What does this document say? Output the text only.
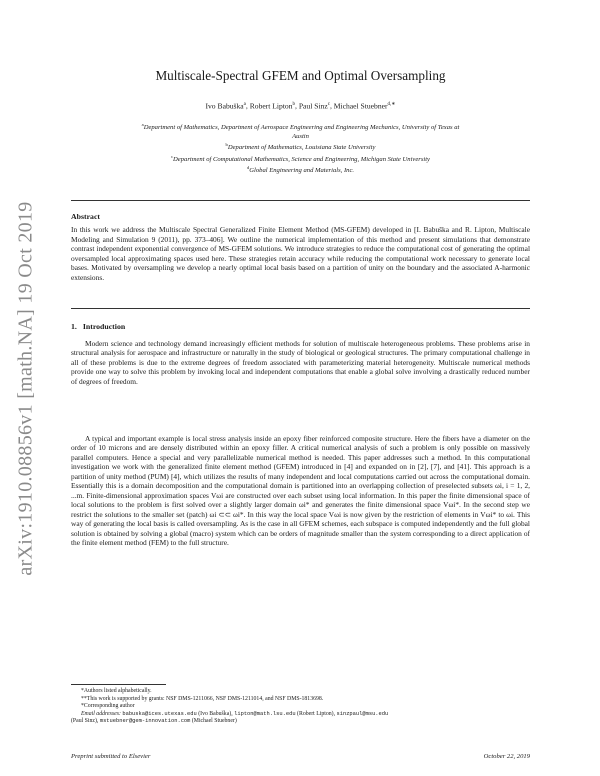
arXiv:1910.08856v1 [math.NA] 19 Oct 2019
Multiscale-Spectral GFEM and Optimal Oversampling
Ivo Babuška$^a$, Robert Lipton$^b$, Paul Sinz$^c$, Michael Stuebner$^{d,∗}$
$^a$Department of Mathematics, Department of Aerospace Engineering and Engineering Mechanics, University of Texas at
Austin
$^b$Department of Mathematics, Louisiana State University
$^c$Department of Computational Mathematics, Science and Engineering, Michigan State University
$^d$Global Engineering and Materials, Inc.
Abstract
In this work we address the Multiscale Spectral Generalized Finite Element Method (MS-GFEM) developed in [I. Babuška and R. Lipton, Multiscale Modeling and Simulation 9 (2011), pp. 373–406]. We outline the numerical implementation of this method and present simulations that demonstrate contrast independent exponential convergence of MS-GFEM solutions. We introduce strategies to reduce the computational cost of generating the optimal oversampled local approximating spaces used here. These strategies retain accuracy while reducing the computational work necessary to generate local bases. Motivated by oversampling we develop a nearly optimal local basis based on a partition of unity on the boundary and the associated A-harmonic extensions.
1. Introduction
Modern science and technology demand increasingly efficient methods for solution of multiscale heterogeneous problems. These problems arise in structural analysis for aerospace and infrastructure or naturally in the study of biological or geological structures. The primary computational challenge in all of these problems is due to the extreme degrees of freedom associated with parameterizing material heterogeneity. Multiscale numerical methods provide one way to solve this problem by invoking local and independent computations that enable a global solve involving a drastically reduced number of degrees of freedom.
A typical and important example is local stress analysis inside an epoxy fiber reinforced composite structure. Here the fibers have a diameter on the order of 10 microns and are densely distributed within an epoxy filler. A critical numerical analysis of such a problem is only possible on massively parallel computers. Hence a special and very parallelizable numerical method is needed. This paper addresses such a method. In this computational investigation we work with the generalized finite element method (GFEM) introduced in [4] and expanded on in [2], [7], and [41]. This approach is a partition of unity method (PUM) [4], which utilizes the results of many independent and local computations carried out across the computational domain. Essentially this is a domain decomposition and the computational domain is partitioned into an overlapping collection of preselected subsets ωi, i = 1, 2, ...m. Finite-dimensional approximation spaces Vωi are constructed over each subset using local information. In this paper the finite dimensional space of local solutions to the problem is first solved over a slightly larger domain ωi* and generates the finite dimensional space Vωi*. In the second step we restrict the solutions to the smaller set (patch) ωi ⊂⊂ ωi*. In this way the local space Vωi is now given by the restriction of elements in Vωi* to ωi. This way of generating the local basis is called oversampling. As is the case in all GFEM schemes, each subspace is computed independently and the full global solution is obtained by solving a global (macro) system which can be orders of magnitude smaller than the system corresponding to a direct application of the finite element method (FEM) to the full structure.
*Authors listed alphabetically.
**This work is supported by grants: NSF DMS-1211066, NSF DMS-1211014, and NSF DMS-1813698.
*Corresponding author
Email addresses: babuska@ices.utexas.edu (Ivo Babuška), lipton@math.lsu.edu (Robert Lipton), sinzpaul@msu.edu
(Paul Sinz), mstuebner@gem-innovation.com (Michael Stuebner)
Preprint submitted to Elsevier	October 22, 2019
